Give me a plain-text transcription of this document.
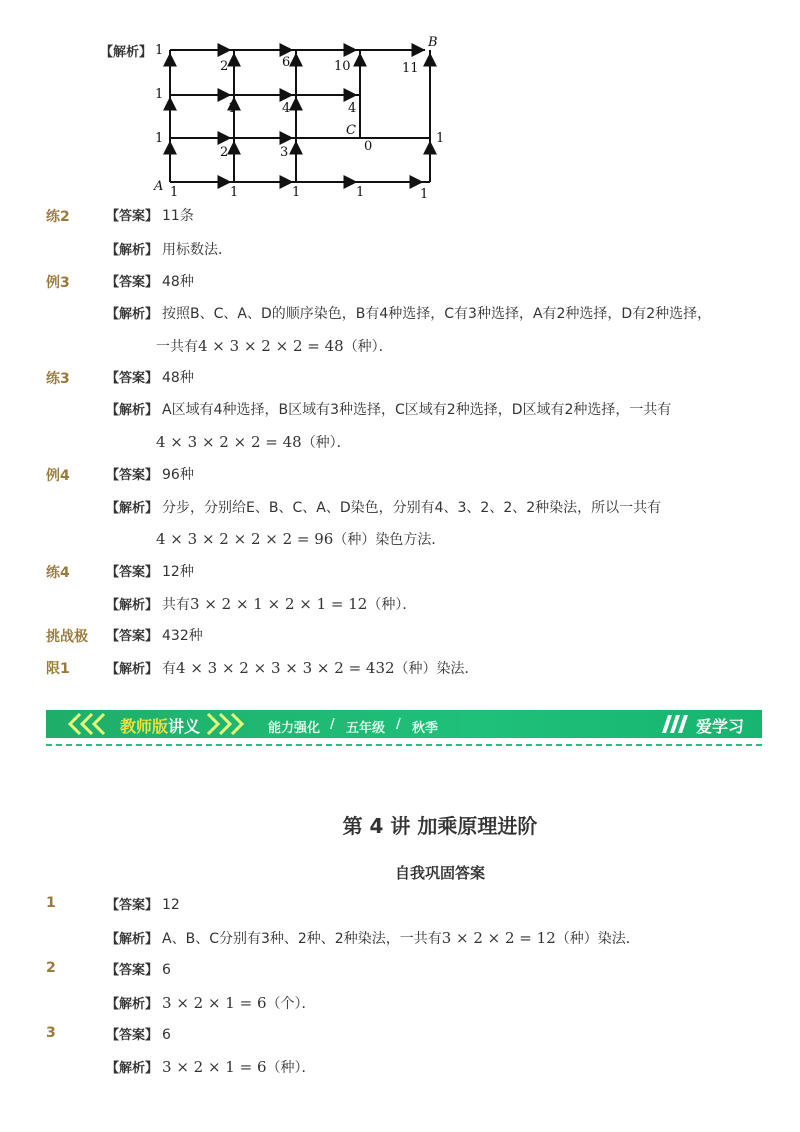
【解析】 1
2	6	10	11
B
1
1	4	4
1
2	3	0
1
C
A 1	1	1	1	1
练2	【答案】 11条
【解析】 用标数法．
例3	【答案】 48种
【解析】 按照B、C、A、D的顺序染色，B有4种选择，C有3种选择，A有2种选择，D有2种选择，
一共有4 × 3 × 2 × 2 = 48（种）．
练3	【答案】 48种
【解析】 A区域有4种选择，B区域有3种选择，C区域有2种选择，D区域有2种选择，一共有
4 × 3 × 2 × 2 = 48（种）．
例4	【答案】 96种
【解析】 分步，分别给E、B、C、A、D染色，分别有4、3、2、2、2种染法，所以一共有
4 × 3 × 2 × 2 × 2 = 96（种）染色方法．
练4	【答案】 12种
【解析】 共有3 × 2 × 1 × 2 × 1 = 12（种）．
挑战极
限1
【答案】 432种
【解析】 有4 × 3 × 2 × 3 × 3 × 2 = 432（种）染法．
教师版 讲义	能力强化 / 五年级 / 秋季	爱学习
第 4 讲 加乘原理进阶
自我巩固答案
1	【答案】 12
【解析】 A、B、C分别有3种、2种、2种染法，一共有3 × 2 × 2 = 12（种）染法．
2	【答案】 6
【解析】 3 × 2 × 1 = 6（个）．
3	【答案】 6
【解析】 3 × 2 × 1 = 6（种）．
